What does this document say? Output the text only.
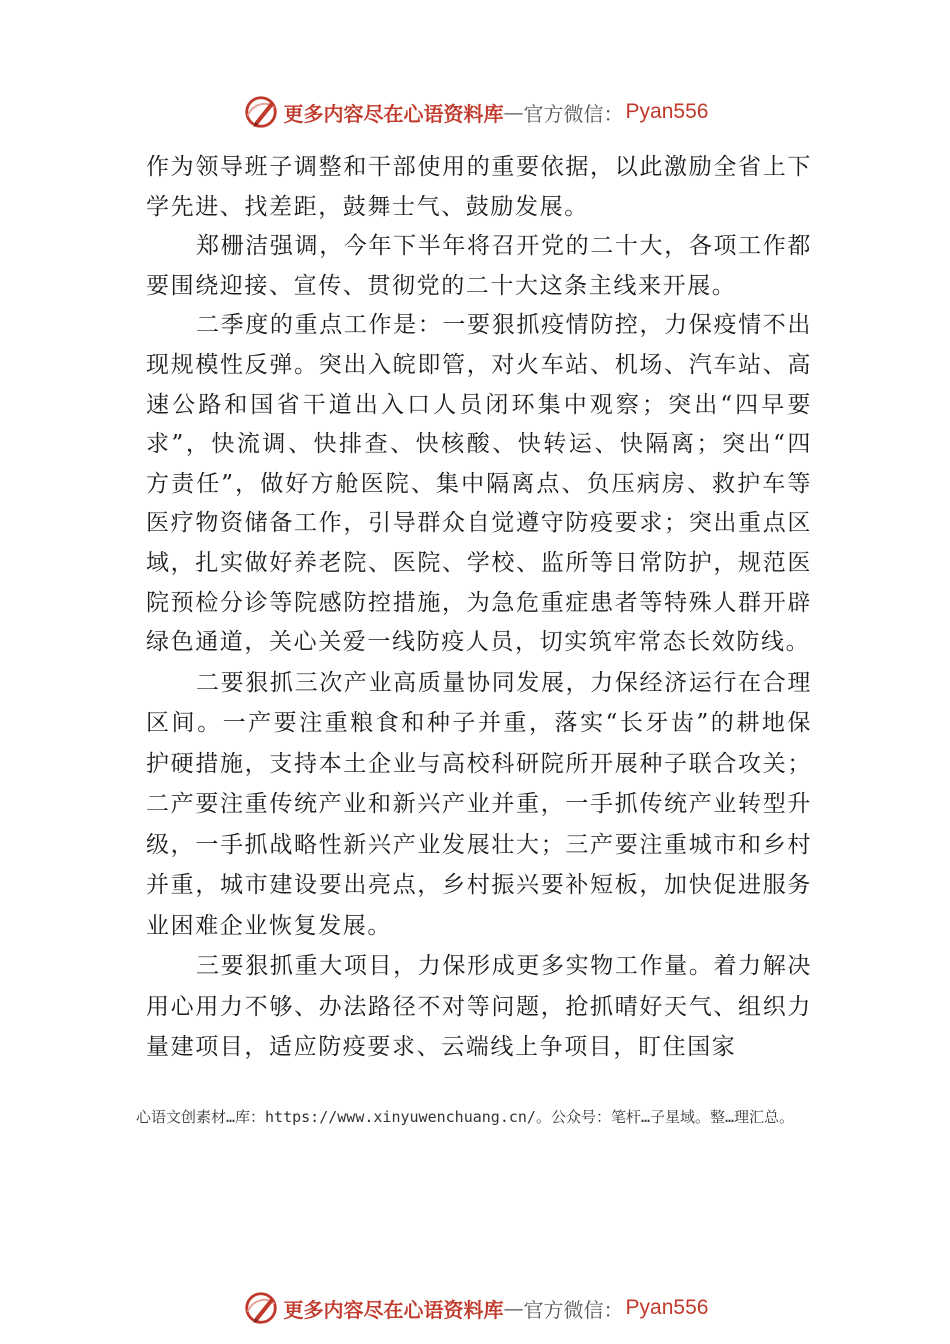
更多内容尽在心语资料库 — 官方微信： Pyan556

作为领导班子调整和干部使用的重要依据，以此激励全省上下学先进、找差距，鼓舞士气、鼓励发展。

郑栅洁强调，今年下半年将召开党的二十大，各项工作都要围绕迎接、宣传、贯彻党的二十大这条主线来开展。

二季度的重点工作是：一要狠抓疫情防控，力保疫情不出现规模性反弹。突出入皖即管，对火车站、机场、汽车站、高速公路和国省干道出入口人员闭环集中观察；突出“四早要求”，快流调、快排查、快核酸、快转运、快隔离；突出“四方责任”，做好方舱医院、集中隔离点、负压病房、救护车等医疗物资储备工作，引导群众自觉遵守防疫要求；突出重点区域，扎实做好养老院、医院、学校、监所等日常防护，规范医院预检分诊等院感防控措施，为急危重症患者等特殊人群开辟绿色通道，关心关爱一线防疫人员，切实筑牢常态长效防线。

二要狠抓三次产业高质量协同发展，力保经济运行在合理区间。一产要注重粮食和种子并重，落实“长牙齿”的耕地保护硬措施，支持本土企业与高校科研院所开展种子联合攻关；二产要注重传统产业和新兴产业并重，一手抓传统产业转型升级，一手抓战略性新兴产业发展壮大；三产要注重城市和乡村并重，城市建设要出亮点，乡村振兴要补短板，加快促进服务业困难企业恢复发展。

三要狠抓重大项目，力保形成更多实物工作量。着力解决用心用力不够、办法路径不对等问题，抢抓晴好天气、组织力量建项目，适应防疫要求、云端线上争项目，盯住国家

心语文创素材…库：https://www.xinyuwenchuang.cn/。公众号：笔杆…子星域。整…理汇总。
更多内容尽在心语资料库 — 官方微信： Pyan556
